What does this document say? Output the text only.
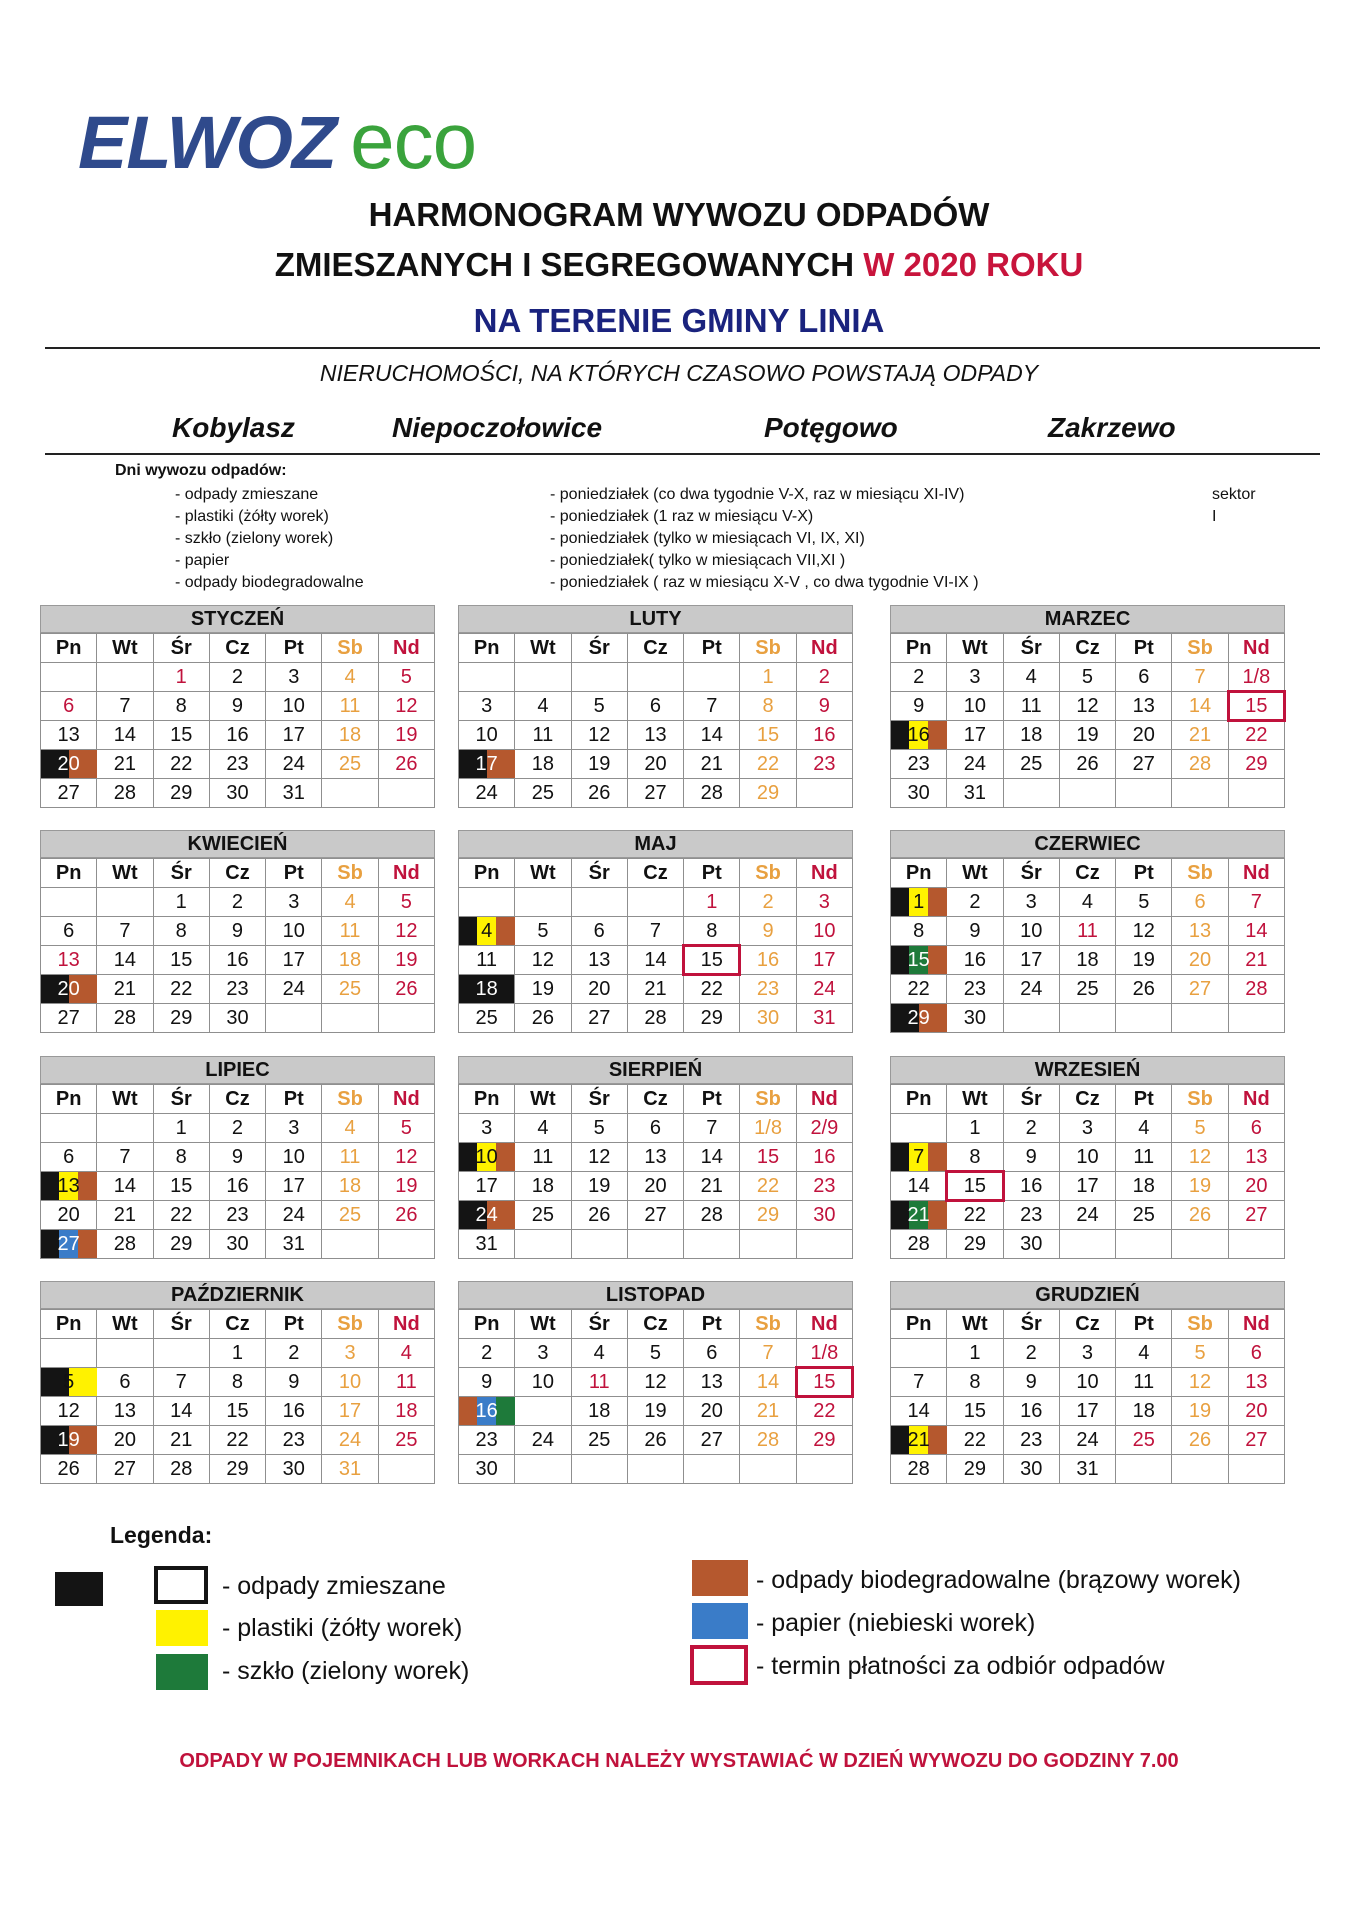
ELWOZ eco
HARMONOGRAM WYWOZU ODPADÓW
ZMIESZANYCH I SEGREGOWANYCH W 2020 ROKU
NA TERENIE GMINY LINIA
NIERUCHOMOŚCI, NA KTÓRYCH CZASOWO POWSTAJĄ ODPADY
Kobylasz	Niepoczołowice	Potęgowo	Zakrzewo
Dni wywozu odpadów:
- odpady zmieszane
- plastiki (żółty worek)
- szkło (zielony worek)
- papier
- odpady biodegradowalne
- poniedziałek (co dwa tygodnie V-X, raz w miesiącu XI-IV)
- poniedziałek (1 raz w miesiącu V-X)
- poniedziałek (tylko w miesiącach VI, IX, XI)
- poniedziałek( tylko w miesiącach VII,XI )
- poniedziałek ( raz w miesiącu X-V , co dwa tygodnie VI-IX )
sektor I
STYCZEŃ
Pn	Wt	Śr	Cz	Pt	Sb	Nd
		1	2	3	4	5
6	7	8	9	10	11	12
13	14	15	16	17	18	19

20	21	22	23	24	25	26
27	28	29	30	31		
LUTY
Pn	Wt	Śr	Cz	Pt	Sb	Nd
					1	2
3	4	5	6	7	8	9
10	11	12	13	14	15	16

17	18	19	20	21	22	23
24	25	26	27	28	29	
MARZEC
Pn	Wt	Śr	Cz	Pt	Sb	Nd
2	3	4	5	6	7	1/8
9	10	11	12	13	14	15

16	17	18	19	20	21	22
23	24	25	26	27	28	29
30	31					
KWIECIEŃ
Pn	Wt	Śr	Cz	Pt	Sb	Nd
		1	2	3	4	5
6	7	8	9	10	11	12
13	14	15	16	17	18	19

20	21	22	23	24	25	26
27	28	29	30			
MAJ
Pn	Wt	Śr	Cz	Pt	Sb	Nd
				1	2	3

4	5	6	7	8	9	10
11	12	13	14	15	16	17

18	19	20	21	22	23	24
25	26	27	28	29	30	31
CZERWIEC
Pn	Wt	Śr	Cz	Pt	Sb	Nd

1	2	3	4	5	6	7
8	9	10	11	12	13	14

15	16	17	18	19	20	21
22	23	24	25	26	27	28

29	30					
LIPIEC
Pn	Wt	Śr	Cz	Pt	Sb	Nd
		1	2	3	4	5
6	7	8	9	10	11	12

13	14	15	16	17	18	19
20	21	22	23	24	25	26

27	28	29	30	31		
SIERPIEŃ
Pn	Wt	Śr	Cz	Pt	Sb	Nd
3	4	5	6	7	1/8	2/9

10	11	12	13	14	15	16
17	18	19	20	21	22	23

24	25	26	27	28	29	30
31						
WRZESIEŃ
Pn	Wt	Śr	Cz	Pt	Sb	Nd
	1	2	3	4	5	6

7	8	9	10	11	12	13
14	15	16	17	18	19	20

21	22	23	24	25	26	27
28	29	30				
PAŹDZIERNIK
Pn	Wt	Śr	Cz	Pt	Sb	Nd
			1	2	3	4

5	6	7	8	9	10	11
12	13	14	15	16	17	18

19	20	21	22	23	24	25
26	27	28	29	30	31	
LISTOPAD
Pn	Wt	Śr	Cz	Pt	Sb	Nd
2	3	4	5	6	7	1/8
9	10	11	12	13	14	15

16		18	19	20	21	22
23	24	25	26	27	28	29
30						
GRUDZIEŃ
Pn	Wt	Śr	Cz	Pt	Sb	Nd
	1	2	3	4	5	6
7	8	9	10	11	12	13
14	15	16	17	18	19	20

21	22	23	24	25	26	27
28	29	30	31			
Legenda:
- odpady zmieszane
- plastiki (żółty worek)
- szkło (zielony worek)
- odpady biodegradowalne (brązowy worek)
- papier (niebieski worek)
- termin płatności za odbiór odpadów
ODPADY W POJEMNIKACH LUB WORKACH NALEŻY WYSTAWIAĆ W DZIEŃ WYWOZU DO GODZINY 7.00
